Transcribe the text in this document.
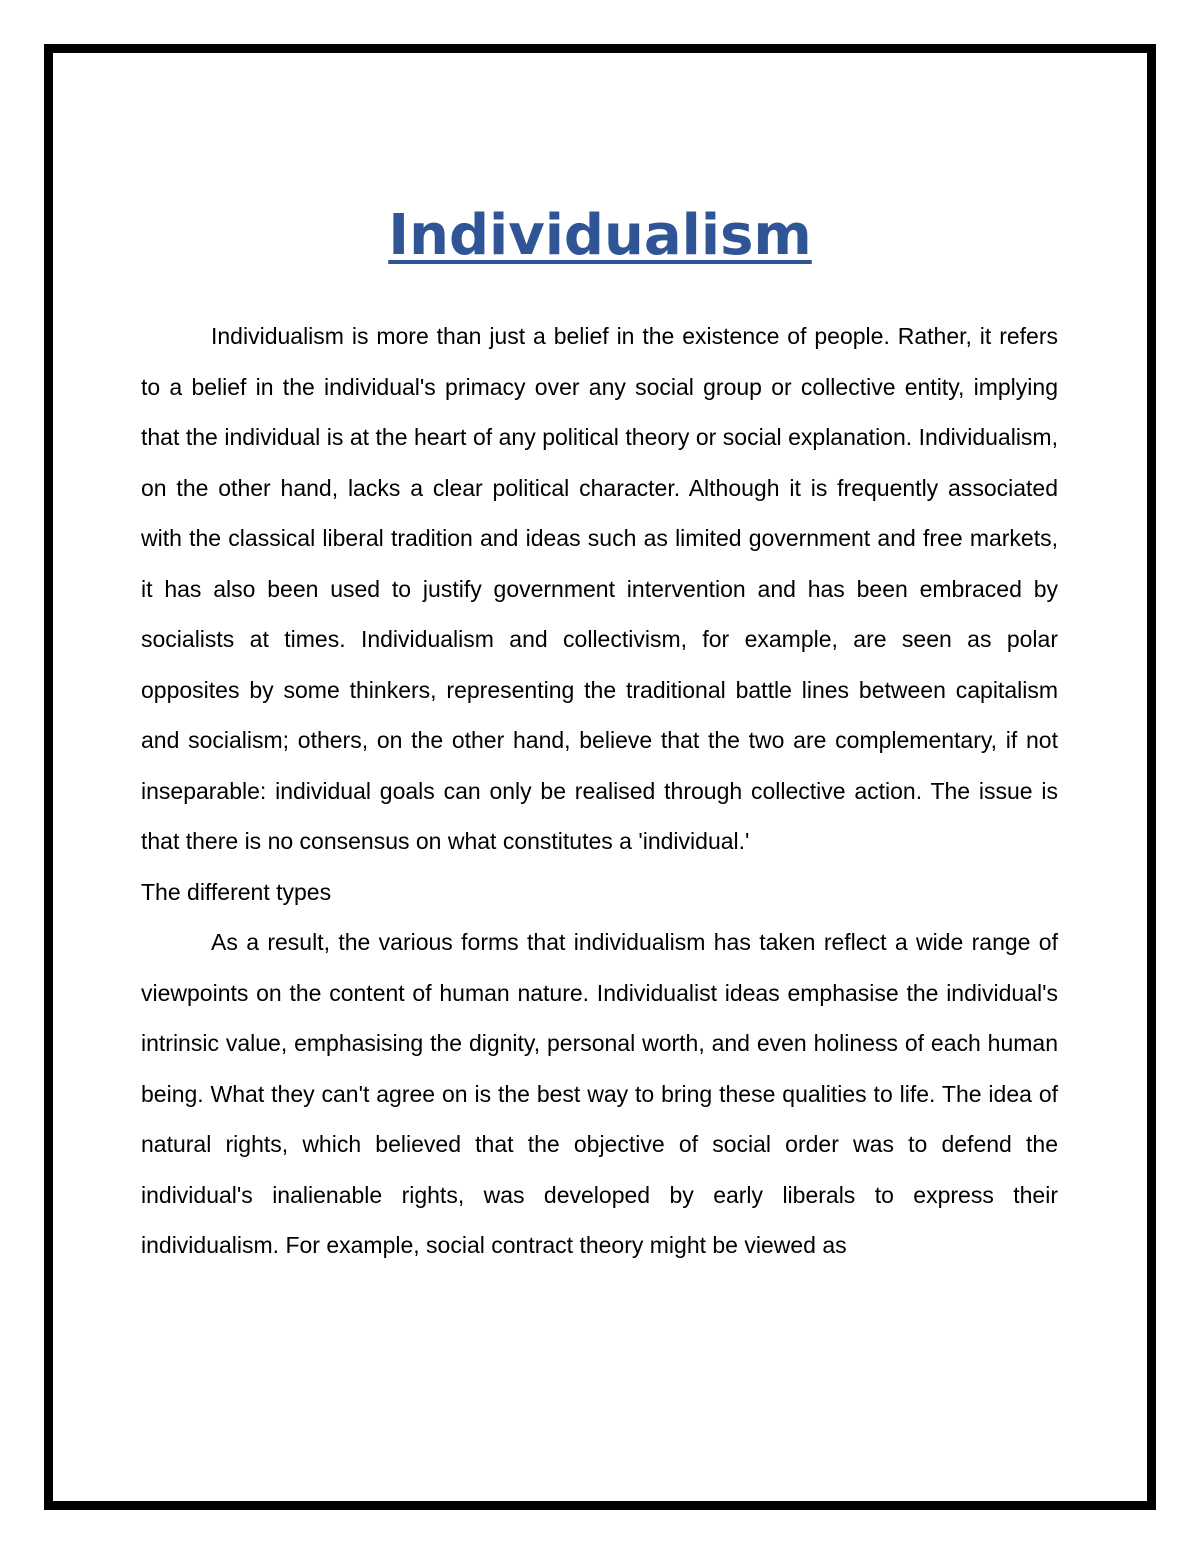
Individualism

Individualism is more than just a belief in the existence of people. Rather, it refers to a belief in the individual's primacy over any social group or collective entity, implying that the individual is at the heart of any political theory or social explanation. Individualism, on the other hand, lacks a clear political character. Although it is frequently associated with the classical liberal tradition and ideas such as limited government and free markets, it has also been used to justify government intervention and has been embraced by socialists at times. Individualism and collectivism, for example, are seen as polar opposites by some thinkers, representing the traditional battle lines between capitalism and socialism; others, on the other hand, believe that the two are complementary, if not inseparable: individual goals can only be realised through collective action. The issue is that there is no consensus on what constitutes a 'individual.'

The different types

As a result, the various forms that individualism has taken reflect a wide range of viewpoints on the content of human nature. Individualist ideas emphasise the individual's intrinsic value, emphasising the dignity, personal worth, and even holiness of each human being. What they can't agree on is the best way to bring these qualities to life. The idea of natural rights, which believed that the objective of social order was to defend the individual's inalienable rights, was developed by early liberals to express their individualism. For example, social contract theory might be viewed as
